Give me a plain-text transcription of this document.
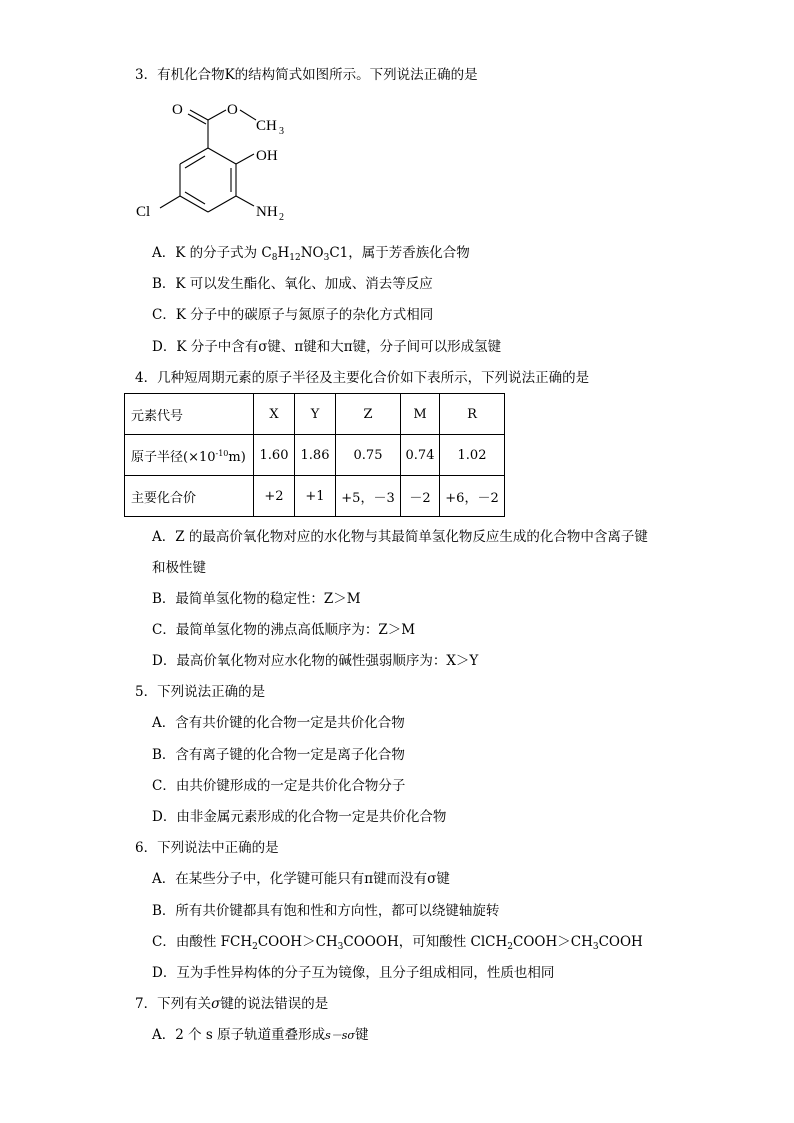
3．有机化合物K的结构简式如图所示。下列说法正确的是
O	O
CH 3
OH
NH 2
Cl
A．K 的分子式为 $C_8H_{12}NO_3C1$，属于芳香族化合物
B．K 可以发生酯化、氧化、加成、消去等反应
C．K 分子中的碳原子与氮原子的杂化方式相同
D．K 分子中含有σ键、π键和大π键，分子间可以形成氢键
4．几种短周期元素的原子半径及主要化合价如下表所示，下列说法正确的是
元素代号	X	Y	Z	M	R
原子半径$(\times 10^{-10}m)$	1.60	1.86	0.75	0.74	1.02
主要化合价	+2	+1	+5，－3	－2	+6，－2
A．Z 的最高价氧化物对应的水化物与其最简单氢化物反应生成的化合物中含离子键
和极性键
B．最简单氢化物的稳定性：Z＞M
C．最简单氢化物的沸点高低顺序为：Z＞M
D．最高价氧化物对应水化物的碱性强弱顺序为：X＞Y
5．下列说法正确的是
A．含有共价键的化合物一定是共价化合物
B．含有离子键的化合物一定是离子化合物
C．由共价键形成的一定是共价化合物分子
D．由非金属元素形成的化合物一定是共价化合物
6．下列说法中正确的是
A．在某些分子中，化学键可能只有π键而没有σ键
B．所有共价键都具有饱和性和方向性，都可以绕键轴旋转
C．由酸性 $FCH_2COOH>CH_3COOOH$，可知酸性 $ClCH_2COOH>CH_3COOH$
D．互为手性异构体的分子互为镜像，且分子组成相同，性质也相同
7．下列有关σ键的说法错误的是
A．2 个 s 原子轨道重叠形成s－sσ键
